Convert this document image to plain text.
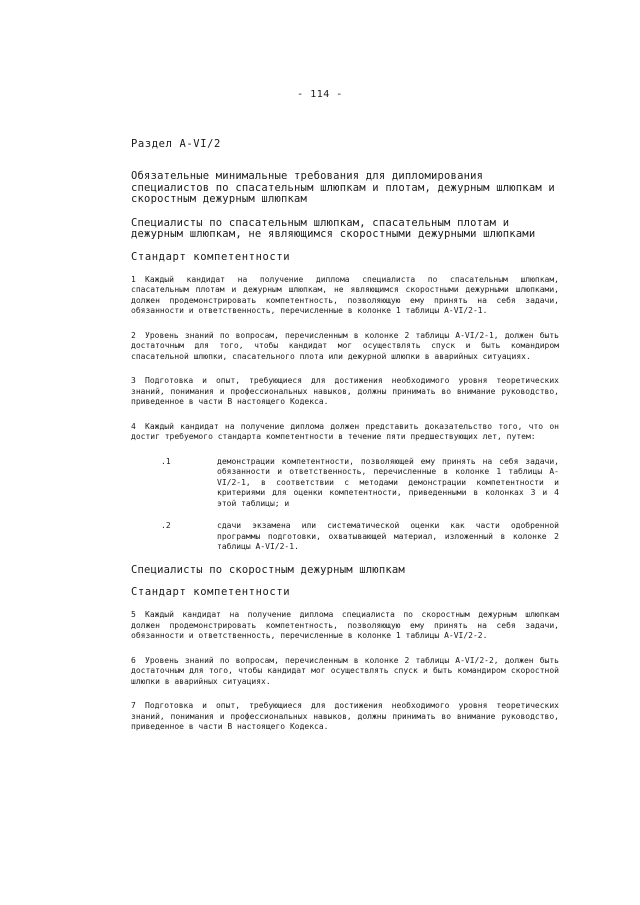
- 114 -
Раздел A-VI/2
Обязательные минимальные требования для дипломирования специалистов по спасательным шлюпкам и плотам, дежурным шлюпкам и скоростным дежурным шлюпкам
Специалисты по спасательным шлюпкам, спасательным плотам и дежурным шлюпкам, не являющимся скоростными дежурными шлюпками
Стандарт компетентности
1 Каждый кандидат на получение диплома специалиста по спасательным шлюпкам, спасательным плотам и дежурным шлюпкам, не являющимся скоростными дежурными шлюпками, должен продемонстрировать компетентность, позволяющую ему принять на себя задачи, обязанности и ответственность, перечисленные в колонке 1 таблицы A-VI/2-1.
2 Уровень знаний по вопросам, перечисленным в колонке 2 таблицы A-VI/2-1, должен быть достаточным для того, чтобы кандидат мог осуществлять спуск и быть командиром спасательной шлюпки, спасательного плота или дежурной шлюпки в аварийных ситуациях.
3 Подготовка и опыт, требующиеся для достижения необходимого уровня теоретических знаний, понимания и профессиональных навыков, должны принимать во внимание руководство, приведенное в части B настоящего Кодекса.
4 Каждый кандидат на получение диплома должен представить доказательство того, что он достиг требуемого стандарта компетентности в течение пяти предшествующих лет, путем:
.1	демонстрации компетентности, позволяющей ему принять на себя задачи, обязанности и ответственность, перечисленные в колонке 1 таблицы A-VI/2-1, в соответствии с методами демонстрации компетентности и критериями для оценки компетентности, приведенными в колонках 3 и 4 этой таблицы; и
.2	сдачи экзамена или систематической оценки как части одобренной программы подготовки, охватывающей материал, изложенный в колонке 2 таблицы A-VI/2-1.
Специалисты по скоростным дежурным шлюпкам
Стандарт компетентности
5 Каждый кандидат на получение диплома специалиста по скоростным дежурным шлюпкам должен продемонстрировать компетентность, позволяющую ему принять на себя задачи, обязанности и ответственность, перечисленные в колонке 1 таблицы A-VI/2-2.
6 Уровень знаний по вопросам, перечисленным в колонке 2 таблицы A-VI/2-2, должен быть достаточным для того, чтобы кандидат мог осуществлять спуск и быть командиром скоростной шлюпки в аварийных ситуациях.
7 Подготовка и опыт, требующиеся для достижения необходимого уровня теоретических знаний, понимания и профессиональных навыков, должны принимать во внимание руководство, приведенное в части B настоящего Кодекса.
